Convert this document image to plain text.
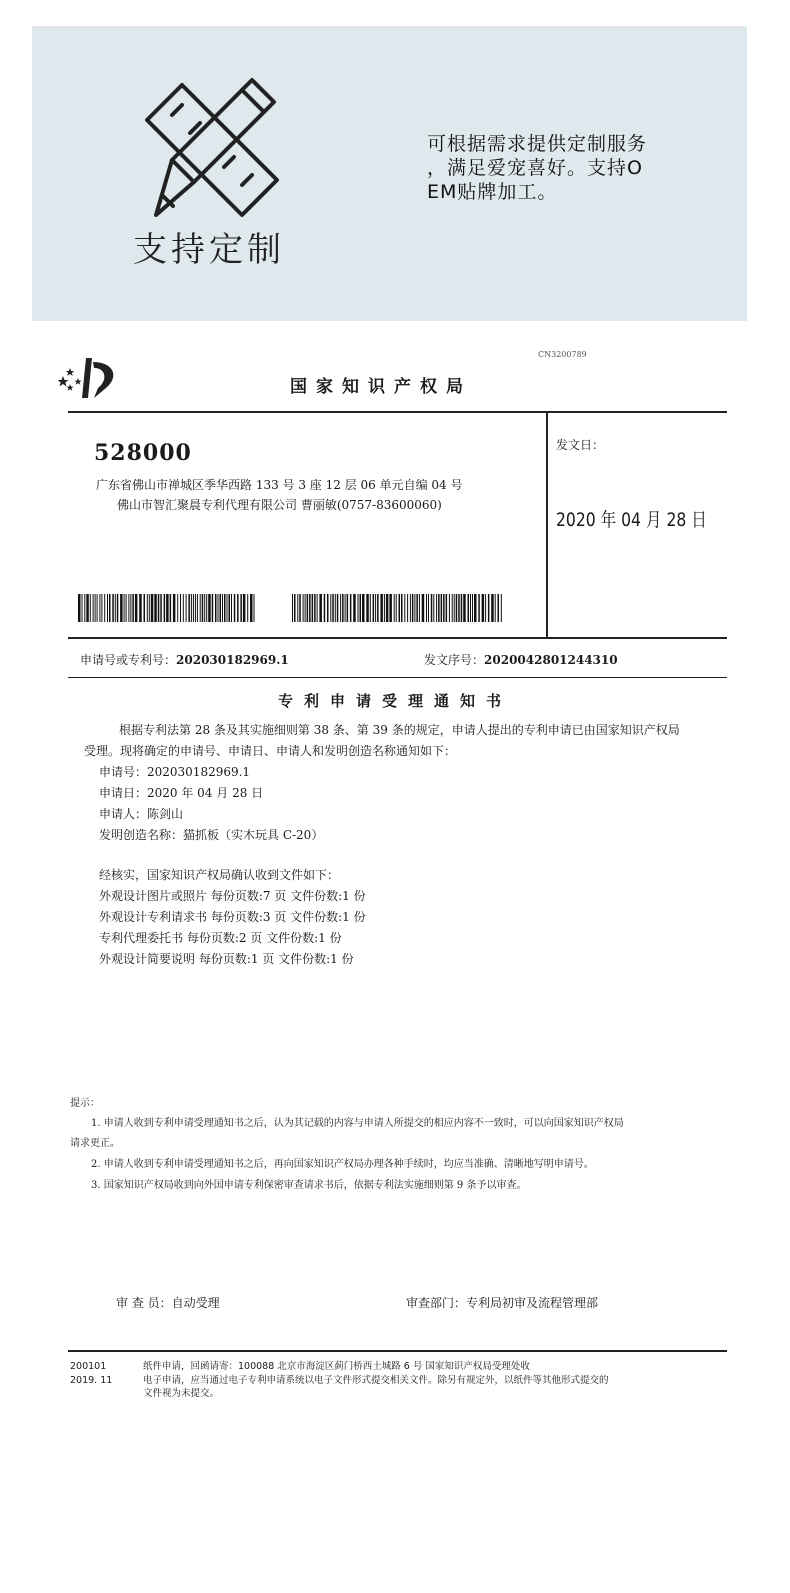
支持定制
可根据需求提供定制服务
，满足爱宠喜好。支持O
EM贴牌加工。
CN3200789
国家知识产权局
528000
广东省佛山市禅城区季华西路 133 号 3 座 12 层 06 单元自编 04 号
佛山市智汇聚晨专利代理有限公司 曹丽敏(0757-83600060)
发文日：
2020 年 04 月 28 日
申请号或专利号：202030182969.1	发文序号：2020042801244310
专利申请受理通知书
根据专利法第 28 条及其实施细则第 38 条、第 39 条的规定，申请人提出的专利申请已由国家知识产权局
受理。现将确定的申请号、申请日、申请人和发明创造名称通知如下：
申请号：202030182969.1
申请日：2020 年 04 月 28 日
申请人：陈剑山
发明创造名称：猫抓板（实木玩具 C-20）
经核实，国家知识产权局确认收到文件如下：
外观设计图片或照片 每份页数:7 页 文件份数:1 份
外观设计专利请求书 每份页数:3 页 文件份数:1 份
专利代理委托书 每份页数:2 页 文件份数:1 份
外观设计简要说明 每份页数:1 页 文件份数:1 份
提示：
1. 申请人收到专利申请受理通知书之后，认为其记载的内容与申请人所提交的相应内容不一致时，可以向国家知识产权局
请求更正。
2. 申请人收到专利申请受理通知书之后，再向国家知识产权局办理各种手续时，均应当准确、清晰地写明申请号。
3. 国家知识产权局收到向外国申请专利保密审查请求书后，依据专利法实施细则第 9 条予以审查。
审 查 员：自动受理	审查部门：专利局初审及流程管理部
200101
2019. 11
纸件申请，回函请寄：100088 北京市海淀区蓟门桥西土城路 6 号 国家知识产权局受理处收
电子申请，应当通过电子专利申请系统以电子文件形式提交相关文件。除另有规定外，以纸件等其他形式提交的
文件视为未提交。
